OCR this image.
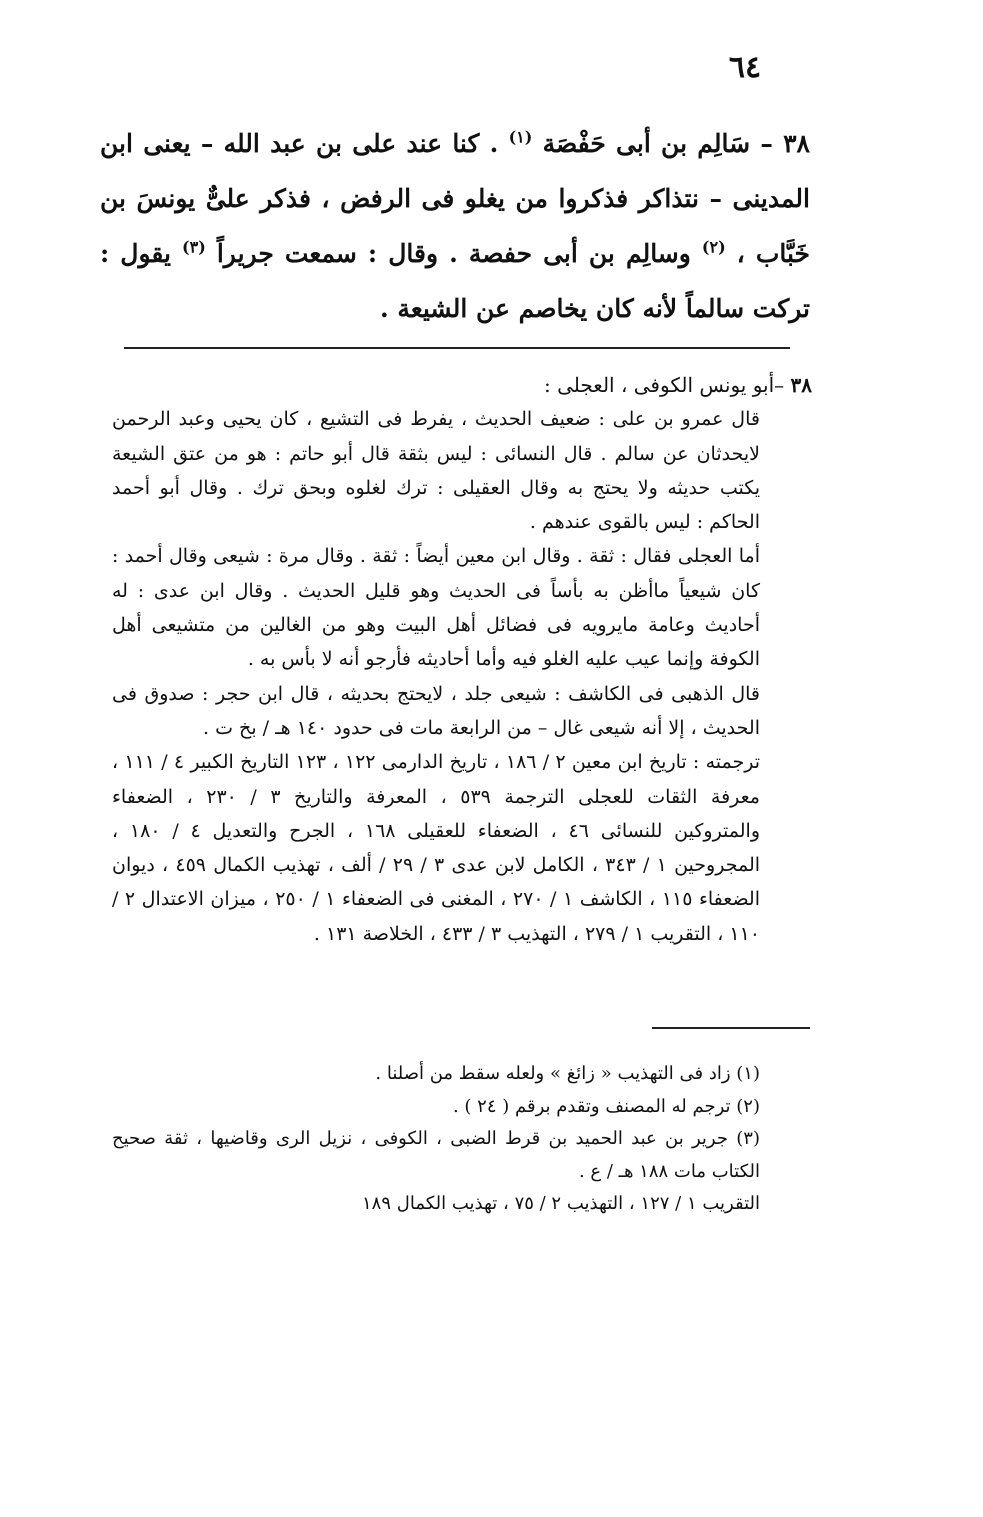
٦٤
٣٨ – سَالِم بن أبى حَفْصَة $^{(١)}$ . كنا عند على بن عبد الله – يعنى ابن المدينى – نتذاكر فذكروا من يغلو فى الرفض ، فذكر علىٌّ يونسَ بن خَبَّاب ، $^{(٢)}$ وسالِم بن أبى حفصة . وقال : سمعت جريراً $^{(٣)}$ يقول : تركت سالماً لأنه كان يخاصم عن الشيعة .

٣٨ –أبو يونس الكوفى ، العجلى :

قال عمرو بن على : ضعيف الحديث ، يفرط فى التشيع ، كان يحيى وعبد الرحمن لايحدثان عن سالم . قال النسائى : ليس بثقة قال أبو حاتم : هو من عتق الشيعة يكتب حديثه ولا يحتج به وقال العقيلى : ترك لغلوه وبحق ترك . وقال أبو أحمد الحاكم : ليس بالقوى عندهم .

أما العجلى فقال : ثقة . وقال ابن معين أيضاً : ثقة . وقال مرة : شيعى وقال أحمد : كان شيعياً ماأظن به بأساً فى الحديث وهو قليل الحديث . وقال ابن عدى : له أحاديث وعامة مايرويه فى فضائل أهل البيت وهو من الغالين من متشيعى أهل الكوفة وإنما عيب عليه الغلو فيه وأما أحاديثه فأرجو أنه لا بأس به .

قال الذهبى فى الكاشف : شيعى جلد ، لايحتج بحديثه ، قال ابن حجر : صدوق فى الحديث ، إلا أنه شيعى غال – من الرابعة مات فى حدود ١٤٠ هـ / بخ ت .

ترجمته : تاريخ ابن معين ٢ / ١٨٦ ، تاريخ الدارمى ١٢٢ ، ١٢٣ التاريخ الكبير ٤ / ١١١ ، معرفة الثقات للعجلى الترجمة ٥٣٩ ، المعرفة والتاريخ ٣ / ٢٣٠ ، الضعفاء والمتروكين للنسائى ٤٦ ، الضعفاء للعقيلى ١٦٨ ، الجرح والتعديل ٤ / ١٨٠ ، المجروحين ١ / ٣٤٣ ، الكامل لابن عدى ٣ / ٢٩ / ألف ، تهذيب الكمال ٤٥٩ ، ديوان الضعفاء ١١٥ ، الكاشف ١ / ٢٧٠ ، المغنى فى الضعفاء ١ / ٢٥٠ ، ميزان الاعتدال ٢ / ١١٠ ، التقريب ١ / ٢٧٩ ، التهذيب ٣ / ٤٣٣ ، الخلاصة ١٣١ .

(١) زاد فى التهذيب « زائغ » ولعله سقط من أصلنا .

(٢) ترجم له المصنف وتقدم برقم ( ٢٤ ) .

(٣) جرير بن عبد الحميد بن قرط الضبى ، الكوفى ، نزيل الرى وقاضيها ، ثقة صحيح الكتاب مات ١٨٨ هـ / ع .

التقريب ١ / ١٢٧ ، التهذيب ٢ / ٧٥ ، تهذيب الكمال ١٨٩
